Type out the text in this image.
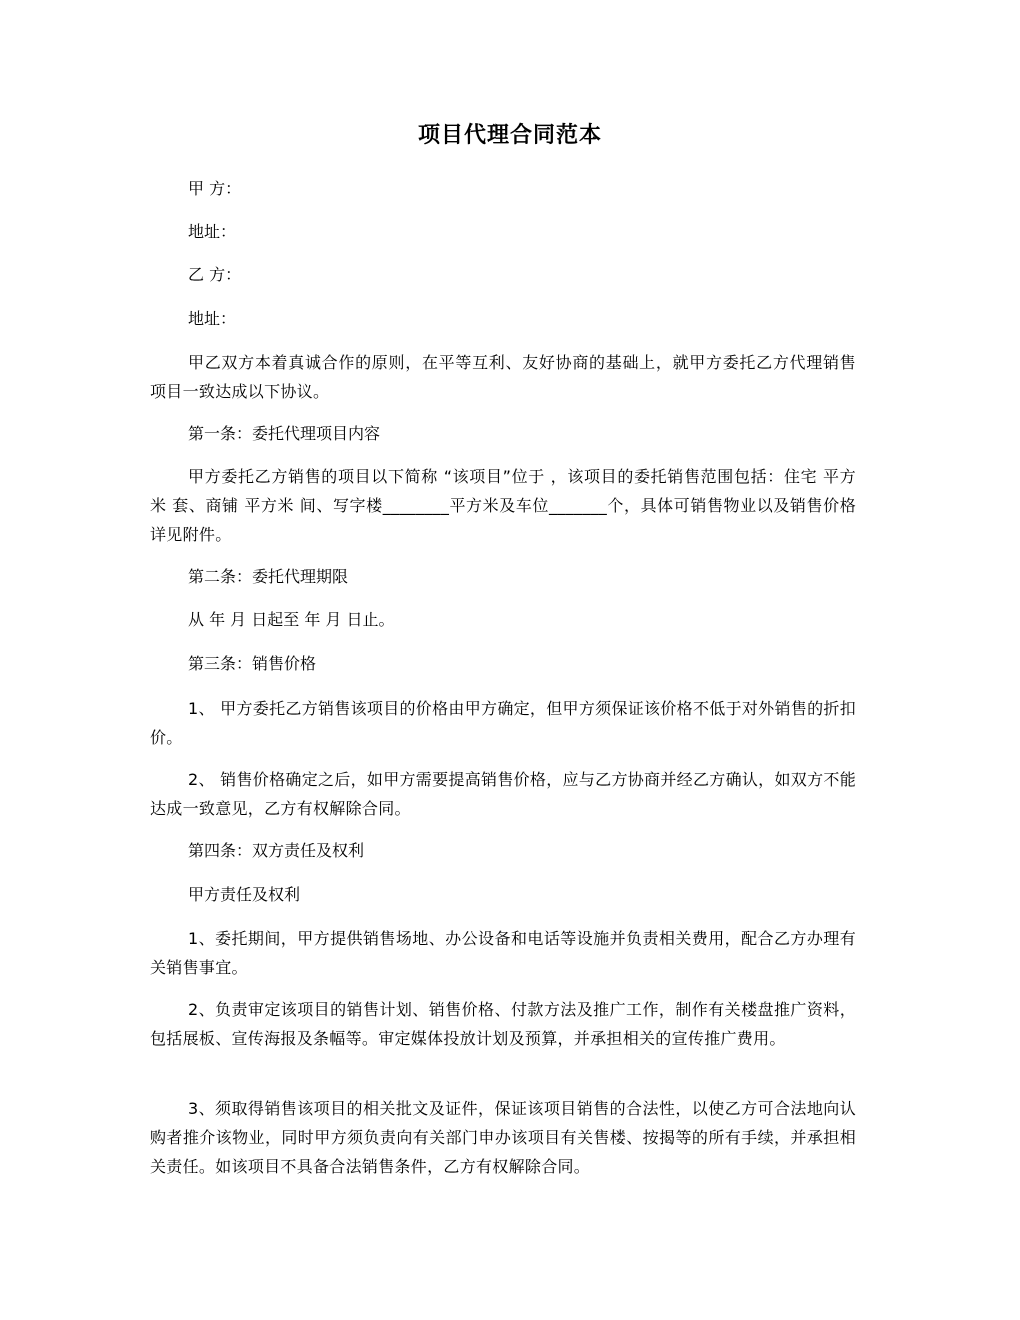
项目代理合同范本
甲 方：
地址：
乙 方：
地址：
甲乙双方本着真诚合作的原则，在平等互利、友好协商的基础上，就甲方委托乙方代理销售 项目一致达成以下协议。
第一条：委托代理项目内容
甲方委托乙方销售的项目以下简称 “该项目”位于 ，该项目的委托销售范围包括：住宅 平方米 套、商铺 平方米 间、写字楼________平方米及车位_______个，具体可销售物业以及销售价格详见附件。
第二条：委托代理期限
从 年 月 日起至 年 月 日止。
第三条：销售价格
1、 甲方委托乙方销售该项目的价格由甲方确定，但甲方须保证该价格不低于对外销售的折扣价。
2、 销售价格确定之后，如甲方需要提高销售价格，应与乙方协商并经乙方确认，如双方不能达成一致意见，乙方有权解除合同。
第四条：双方责任及权利
甲方责任及权利
1、委托期间，甲方提供销售场地、办公设备和电话等设施并负责相关费用，配合乙方办理有关销售事宜。
2、负责审定该项目的销售计划、销售价格、付款方法及推广工作，制作有关楼盘推广资料，包括展板、宣传海报及条幅等。审定媒体投放计划及预算，并承担相关的宣传推广费用。
3、须取得销售该项目的相关批文及证件，保证该项目销售的合法性，以使乙方可合法地向认购者推介该物业，同时甲方须负责向有关部门申办该项目有关售楼、按揭等的所有手续，并承担相关责任。如该项目不具备合法销售条件，乙方有权解除合同。
